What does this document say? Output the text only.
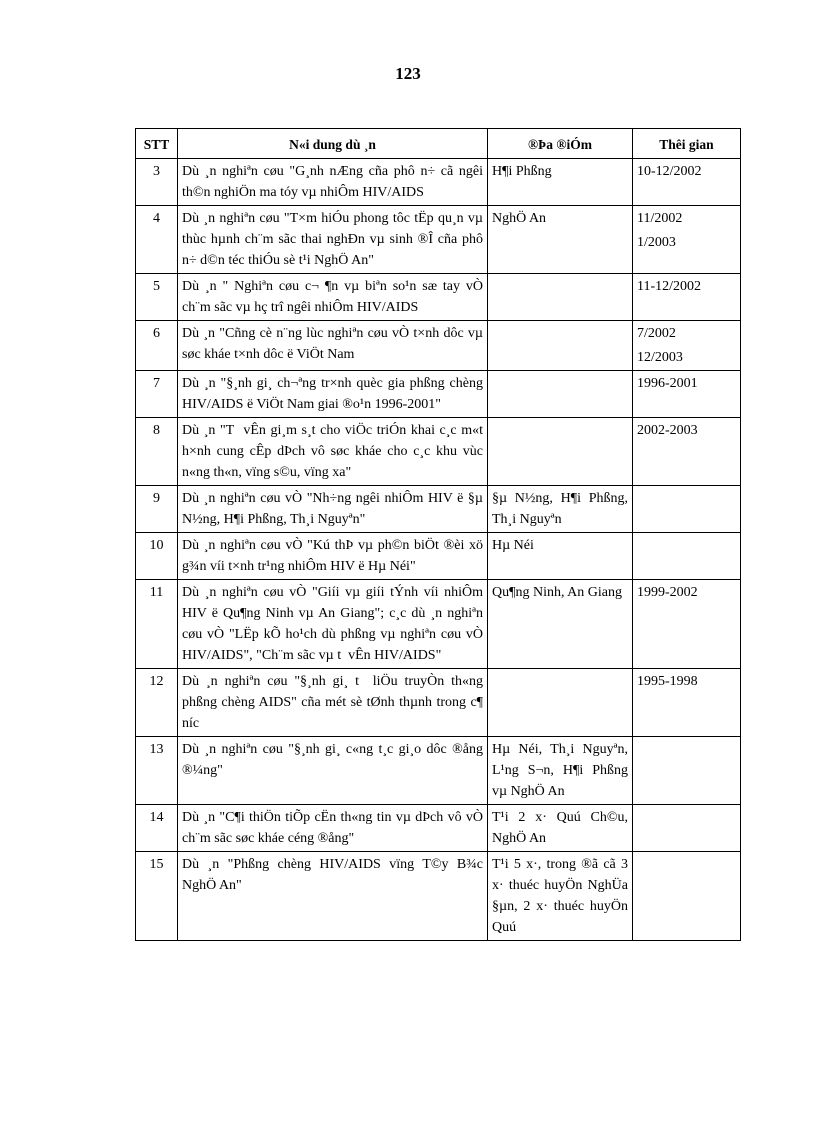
123
STT	N«i dung dù ¸n	®Þa ®iÓm	Thêi gian
3	Dù ¸n nghiªn cøu "G¸nh nÆng cña phô n÷ cã ngêi th©n nghiÖn ma tóy vµ nhiÔm HIV/AIDS	H¶i Phßng	10-12/2002

4	Dù ¸n nghiªn cøu "T×m hiÓu phong tôc tËp qu¸n vµ thùc hµnh ch¨m sãc thai nghÐn vµ sinh ®Î cña phô n÷ d©n téc thiÓu sè t¹i NghÖ An"	NghÖ An	11/2002
1/2003

5	Dù ¸n " Nghiªn cøu c¬ ¶n vµ biªn so¹n sæ tay vÒ ch¨m sãc vµ hç trî ngêi nhiÔm HIV/AIDS		11-12/2002

6	Dù ¸n "Cñng cè n¨ng lùc nghiªn cøu vÒ t×nh dôc vµ søc kháe t×nh dôc ë ViÖt Nam		7/2002
12/2003

7	Dù ¸n "§¸nh gi¸ ch¬ªng tr×nh quèc gia phßng chèng HIV/AIDS ë ViÖt Nam giai ®o¹n 1996-2001"		1996-2001

8	Dù ¸n "T  vÊn gi¸m s¸t cho viÖc triÓn khai c¸c m«t h×nh cung cÊp dÞch vô søc kháe cho c¸c khu vùc n«ng th«n, vïng s©u, vïng xa"		2002-2003

9	Dù ¸n nghiªn cøu vÒ "Nh÷ng ngêi nhiÔm HIV ë §µ N½ng, H¶i Phßng, Th¸i Nguyªn"	§µ N½ng, H¶i Phßng, Th¸i Nguyªn	
10	Dù ¸n nghiªn cøu vÒ "Kú thÞ vµ ph©n biÖt ®èi xö g¾n víi t×nh tr¹ng nhiÔm HIV ë Hµ Néi"	Hµ Néi	
11	Dù ¸n nghiªn cøu vÒ "Giíi vµ giíi tÝnh víi nhiÔm HIV ë Qu¶ng Ninh vµ An Giang"; c¸c dù ¸n nghiªn cøu vÒ "LËp kÕ ho¹ch dù phßng vµ nghiªn cøu vÒ HIV/AIDS", "Ch¨m sãc vµ t  vÊn HIV/AIDS"	Qu¶ng Ninh, An Giang	1999-2002

12	Dù ¸n nghiªn cøu "§¸nh gi¸ t  liÖu truyÒn th«ng phßng chèng AIDS" cña mét sè tØnh thµnh trong c¶ níc		1995-1998

13	Dù ¸n nghiªn cøu "§¸nh gi¸ c«ng t¸c gi¸o dôc ®ång ®¼ng"	Hµ Néi, Th¸i Nguyªn, L¹ng S¬n, H¶i Phßng vµ NghÖ An	
14	Dù ¸n "C¶i thiÖn tiÕp cËn th«ng tin vµ dÞch vô vÒ ch¨m sãc søc kháe céng ®ång"	T¹i 2 x· Quú Ch©u, NghÖ An	
15	Dù ¸n "Phßng chèng HIV/AIDS vïng T©y B¾c NghÖ An"	T¹i 5 x·, trong ®ã cã 3 x· thuéc huyÖn NghÜa §µn, 2 x· thuéc huyÖn Quú	
